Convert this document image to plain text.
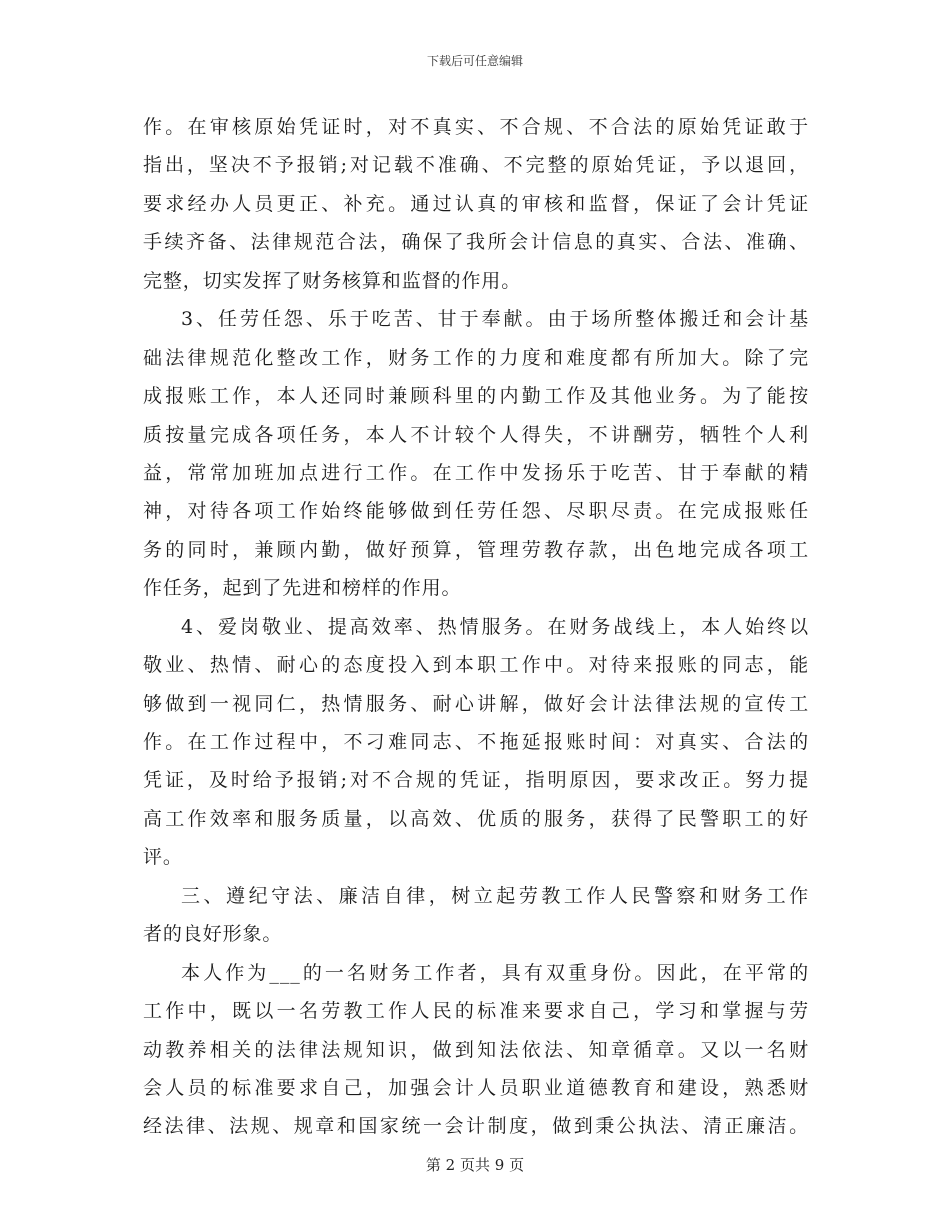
下载后可任意编辑
作。在审核原始凭证时，对不真实、不合规、不合法的原始凭证敢于
指出，坚决不予报销;对记载不准确、不完整的原始凭证，予以退回，
要求经办人员更正、补充。通过认真的审核和监督，保证了会计凭证
手续齐备、法律规范合法，确保了我所会计信息的真实、合法、准确、
完整，切实发挥了财务核算和监督的作用。
3、任劳任怨、乐于吃苦、甘于奉献。由于场所整体搬迁和会计基
础法律规范化整改工作，财务工作的力度和难度都有所加大。除了完
成报账工作，本人还同时兼顾科里的内勤工作及其他业务。为了能按
质按量完成各项任务，本人不计较个人得失，不讲酬劳，牺牲个人利
益，常常加班加点进行工作。在工作中发扬乐于吃苦、甘于奉献的精
神，对待各项工作始终能够做到任劳任怨、尽职尽责。在完成报账任
务的同时，兼顾内勤，做好预算，管理劳教存款，出色地完成各项工
作任务，起到了先进和榜样的作用。
4、爱岗敬业、提高效率、热情服务。在财务战线上，本人始终以
敬业、热情、耐心的态度投入到本职工作中。对待来报账的同志，能
够做到一视同仁，热情服务、耐心讲解，做好会计法律法规的宣传工
作。在工作过程中，不刁难同志、不拖延报账时间：对真实、合法的
凭证，及时给予报销;对不合规的凭证，指明原因，要求改正。努力提
高工作效率和服务质量，以高效、优质的服务，获得了民警职工的好
评。
三、遵纪守法、廉洁自律，树立起劳教工作人民警察和财务工作
者的良好形象。
本人作为___的一名财务工作者，具有双重身份。因此，在平常的
工作中，既以一名劳教工作人民的标准来要求自己，学习和掌握与劳
动教养相关的法律法规知识，做到知法依法、知章循章。又以一名财
会人员的标准要求自己，加强会计人员职业道德教育和建设，熟悉财
经法律、法规、规章和国家统一会计制度，做到秉公执法、清正廉洁。
第 2 页共 9 页
